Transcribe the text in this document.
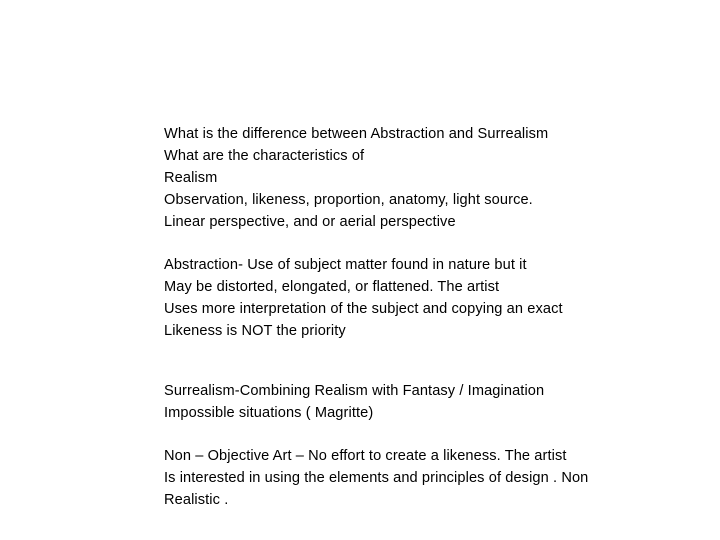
What is the difference between Abstraction and Surrealism
What are the characteristics of
Realism
Observation, likeness, proportion, anatomy, light source.
Linear perspective, and or aerial perspective
Abstraction- Use of subject matter found in nature but it
May be distorted, elongated, or flattened. The artist
Uses more interpretation of the subject and copying an exact
Likeness is NOT the priority
Surrealism-Combining Realism with Fantasy / Imagination
Impossible situations ( Magritte)
Non – Objective Art – No effort to create a likeness. The artist
Is interested in using the elements and principles of design . Non
Realistic .
